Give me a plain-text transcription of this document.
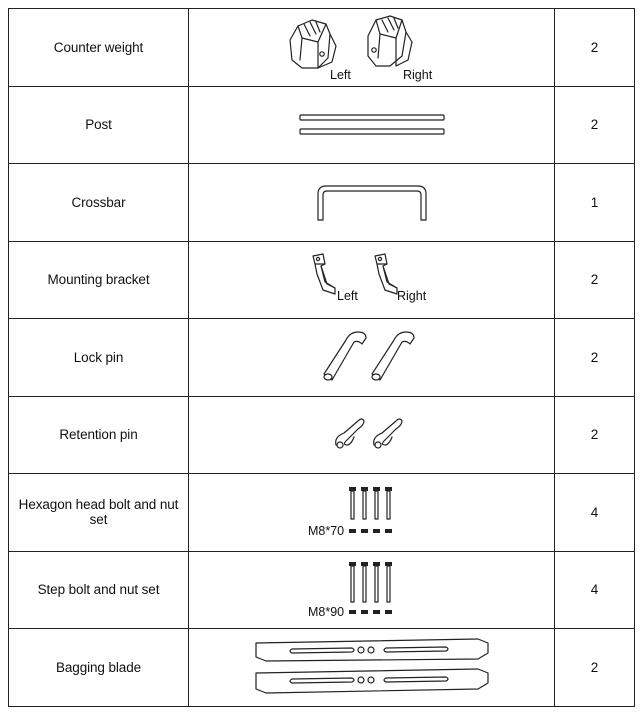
Counter weight	Left Right	2
Post		2
Crossbar		1
Mounting bracket	Left Right	2
Lock pin		2
Retention pin		2
Hexagon head bolt and nut set	M8*70	4
Step bolt and nut set	M8*90	4
Bagging blade		2
